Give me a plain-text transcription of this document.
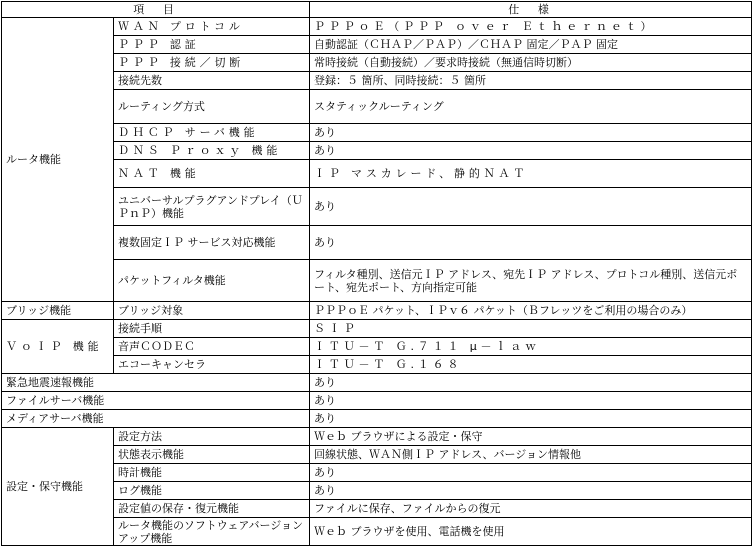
項　目		仕　様
ルータ機能	ＷＡＮ プロトコル	ＰＰＰｏＥ（ＰＰＰ ｏｖｅｒ Ｅｔｈｅｒｎｅｔ）
	ＰＰＰ 認証	自動認証（ＣＨＡＰ／ＰＡＰ）／ＣＨＡＰ 固定／ＰＡＰ 固定
	ＰＰＰ 接続／切断	常時接続（自動接続）／要求時接続（無通信時切断）
	接続先数	登録：５ 箇所、同時接続：５ 箇所
	ルーティング方式	スタティックルーティング
	ＤＨＣＰ サーバ機能	あり
	ＤＮＳ Ｐｒｏｘｙ 機能	あり
	ＮＡＴ 機能	ＩＰ マスカレード、静的ＮＡＴ
	ユニバーサルプラグアンドプレイ（ＵＰｎＰ）機能	あり
	複数固定ＩＰ サービス対応機能	あり
	パケットフィルタ機能	フィルタ種別、送信元ＩＰ アドレス、宛先ＩＰ アドレス、プロトコル種別、送信元ポート、宛先ポート、方向指定可能
ブリッジ機能	ブリッジ対象	ＰＰＰｏＥ パケット、ＩＰｖ６ パケット（Ｂフレッツをご利用の場合のみ）
ＶｏＩＰ 機能	接続手順	ＳＩＰ
	音声ＣＯＤＥＣ	ＩＴＵ－Ｔ Ｇ.７１１ μ－ｌａｗ
	エコーキャンセラ	ＩＴＵ－Ｔ Ｇ.１６８
緊急地震速報機能		あり
ファイルサーバ機能		あり
メディアサーバ機能		あり
設定・保守機能	設定方法	Ｗｅｂ ブラウザによる設定・保守
	状態表示機能	回線状態、ＷＡＮ側ＩＰ アドレス、バージョン情報他
	時計機能	あり
	ログ機能	あり
	設定値の保存・復元機能	ファイルに保存、ファイルからの復元
	ルータ機能のソフトウェアバージョンアップ機能	Ｗｅｂ ブラウザを使用、電話機を使用
